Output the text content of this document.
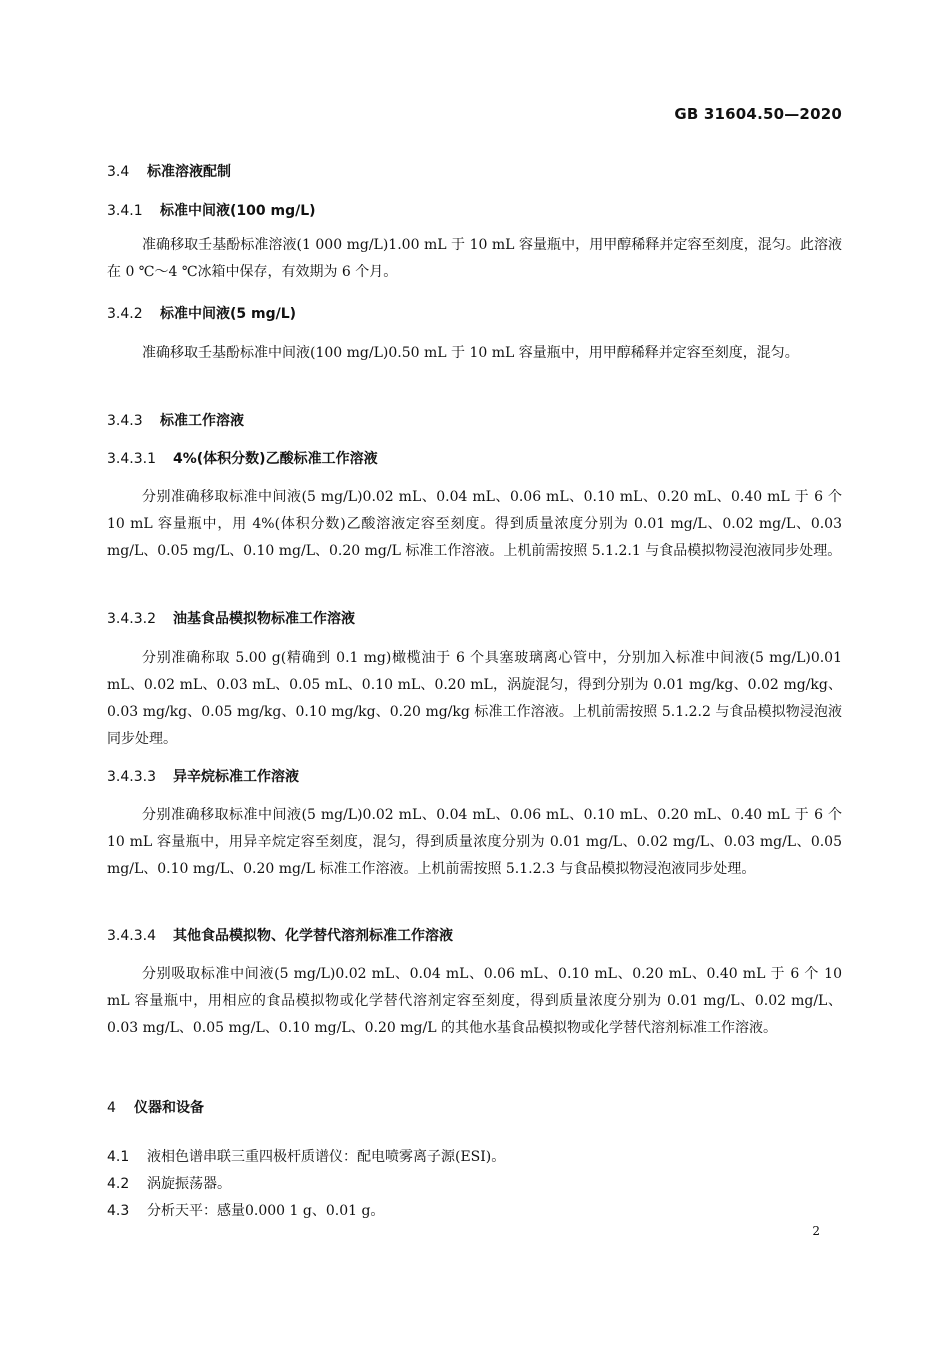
GB 31604.50—2020
3.4 标准溶液配制
3.4.1 标准中间液(100 mg/L)
准确移取壬基酚标准溶液(1 000 mg/L)1.00 mL 于 10 mL 容量瓶中，用甲醇稀释并定容至刻度，混匀。此溶液在 0 ℃～4 ℃冰箱中保存，有效期为 6 个月。
3.4.2 标准中间液(5 mg/L)
准确移取壬基酚标准中间液(100 mg/L)0.50 mL 于 10 mL 容量瓶中，用甲醇稀释并定容至刻度，混匀。
3.4.3 标准工作溶液
3.4.3.1 4%(体积分数)乙酸标准工作溶液
分别准确移取标准中间液(5 mg/L)0.02 mL、0.04 mL、0.06 mL、0.10 mL、0.20 mL、0.40 mL 于 6 个 10 mL 容量瓶中，用 4%(体积分数)乙酸溶液定容至刻度。得到质量浓度分别为 0.01 mg/L、0.02 mg/L、0.03 mg/L、0.05 mg/L、0.10 mg/L、0.20 mg/L 标准工作溶液。上机前需按照 5.1.2.1 与食品模拟物浸泡液同步处理。
3.4.3.2 油基食品模拟物标准工作溶液
分别准确称取 5.00 g(精确到 0.1 mg)橄榄油于 6 个具塞玻璃离心管中，分别加入标准中间液(5 mg/L)0.01 mL、0.02 mL、0.03 mL、0.05 mL、0.10 mL、0.20 mL，涡旋混匀，得到分别为 0.01 mg/kg、0.02 mg/kg、0.03 mg/kg、0.05 mg/kg、0.10 mg/kg、0.20 mg/kg 标准工作溶液。上机前需按照 5.1.2.2 与食品模拟物浸泡液同步处理。
3.4.3.3 异辛烷标准工作溶液
分别准确移取标准中间液(5 mg/L)0.02 mL、0.04 mL、0.06 mL、0.10 mL、0.20 mL、0.40 mL 于 6 个10 mL 容量瓶中，用异辛烷定容至刻度，混匀，得到质量浓度分别为 0.01 mg/L、0.02 mg/L、0.03 mg/L、0.05 mg/L、0.10 mg/L、0.20 mg/L 标准工作溶液。上机前需按照 5.1.2.3 与食品模拟物浸泡液同步处理。
3.4.3.4 其他食品模拟物、化学替代溶剂标准工作溶液
分别吸取标准中间液(5 mg/L)0.02 mL、0.04 mL、0.06 mL、0.10 mL、0.20 mL、0.40 mL 于 6 个 10 mL 容量瓶中，用相应的食品模拟物或化学替代溶剂定容至刻度，得到质量浓度分别为 0.01 mg/L、0.02 mg/L、0.03 mg/L、0.05 mg/L、0.10 mg/L、0.20 mg/L 的其他水基食品模拟物或化学替代溶剂标准工作溶液。
4 仪器和设备
4.1 液相色谱串联三重四极杆质谱仪：配电喷雾离子源(ESI)。
4.2 涡旋振荡器。
4.3 分析天平：感量0.000 1 g、0.01 g。
2
